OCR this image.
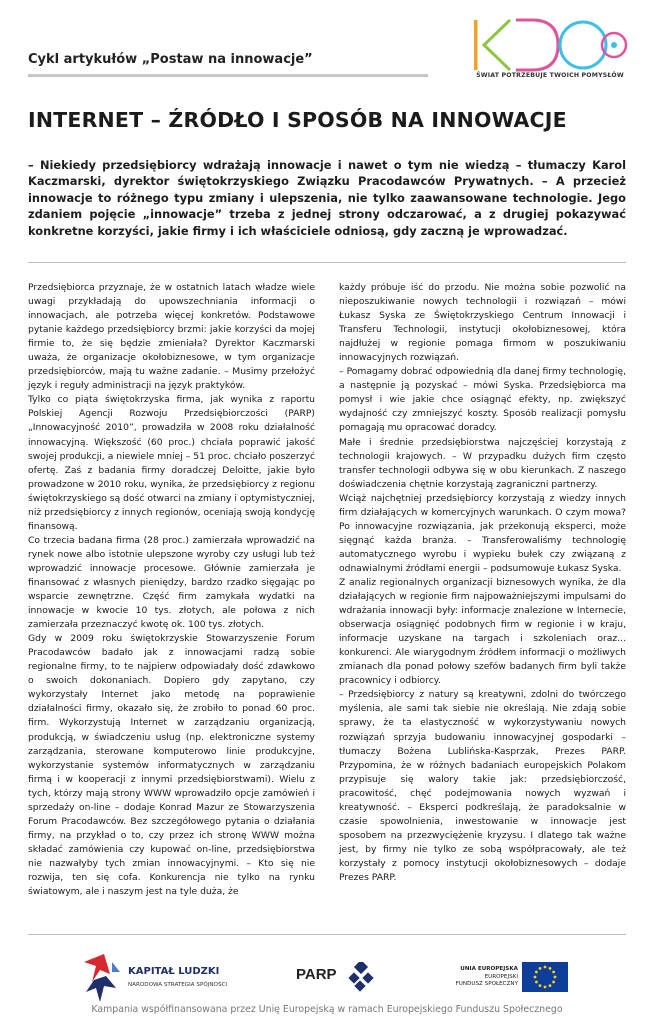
Cykl artykułów „Postaw na innowacje”
ŚWIAT POTRZEBUJE TWOICH POMYSŁÓW
INTERNET – ŹRÓDŁO I SPOSÓB NA INNOWACJE
– Niekiedy przedsiębiorcy wdrażają innowacje i nawet o tym nie wiedzą – tłumaczy Karol Kaczmarski, dyrektor świętokrzyskiego Związku Pracodawców Prywatnych. – A przecież innowacje to różnego typu zmiany i ulepszenia, nie tylko zaawansowane technologie. Jego zdaniem pojęcie „innowacje” trzeba z jednej strony odczarować, a z drugiej pokazywać konkretne korzyści, jakie firmy i ich właściciele odniosą, gdy zaczną je wprowadzać.

Przedsiębiorca przyznaje, że w ostatnich latach władze wiele uwagi przykładają do upowszechniania informacji o innowacjach, ale potrzeba więcej konkretów. Podstawowe pytanie każdego przedsiębiorcy brzmi: jakie korzyści da mojej firmie to, że się będzie zmieniała? Dyrektor Kaczmarski uważa, że organizacje okołobiznesowe, w tym organizacje przedsiębiorców, mają tu ważne zadanie. – Musimy przełożyć język i reguły administracji na język praktyków.

Tylko co piąta świętokrzyska firma, jak wynika z raportu Polskiej Agencji Rozwoju Przedsiębiorczości (PARP) „Innowacyjność 2010”, prowadziła w 2008 roku działalność innowacyjną. Większość (60 proc.) chciała poprawić jakość swojej produkcji, a niewiele mniej – 51 proc. chciało poszerzyć ofertę. Zaś z badania firmy doradczej Deloitte, jakie było prowadzone w 2010 roku, wynika, że przedsiębiorcy z regionu świętokrzyskiego są dość otwarci na zmiany i optymistyczniej, niż przedsiębiorcy z innych regionów, oceniają swoją kondycję finansową.

Co trzecia badana firma (28 proc.) zamierzała wprowadzić na rynek nowe albo istotnie ulepszone wyroby czy usługi lub też wprowadzić innowacje procesowe. Głównie zamierzała je finansować z własnych pieniędzy, bardzo rzadko sięgając po wsparcie zewnętrzne. Część firm zamykała wydatki na innowacje w kwocie 10 tys. złotych, ale połowa z nich zamierzała przeznaczyć kwotę ok. 100 tys. złotych.

Gdy w 2009 roku świętokrzyskie Stowarzyszenie Forum Pracodawców badało jak z innowacjami radzą sobie regionalne firmy, to te najpierw odpowiadały dość zdawkowo o swoich dokonaniach. Dopiero gdy zapytano, czy wykorzystały Internet jako metodę na poprawienie działalności firmy, okazało się, że zrobiło to ponad 60 proc. firm. Wykorzystują Internet w zarządzaniu organizacją, produkcją, w świadczeniu usług (np. elektroniczne systemy zarządzania, sterowane komputerowo linie produkcyjne, wykorzystanie systemów informatycznych w zarządzaniu firmą i w kooperacji z innymi przedsiębiorstwami). Wielu z tych, którzy mają strony WWW wprowadziło opcje zamówień i sprzedaży on-line – dodaje Konrad Mazur ze Stowarzyszenia Forum Pracodawców. Bez szczegółowego pytania o działania firmy, na przykład o to, czy przez ich stronę WWW można składać zamówienia czy kupować on-line, przedsiębiorstwa nie nazwałyby tych zmian innowacyjnymi. – Kto się nie rozwija, ten się cofa. Konkurencja nie tylko na rynku światowym, ale i naszym jest na tyle duża, że

każdy próbuje iść do przodu. Nie można sobie pozwolić na nieposzukiwanie nowych technologii i rozwiązań – mówi Łukasz Syska ze Świętokrzyskiego Centrum Innowacji i Transferu Technologii, instytucji okołobiznesowej, która najdłużej w regionie pomaga firmom w poszukiwaniu innowacyjnych rozwiązań.

– Pomagamy dobrać odpowiednią dla danej firmy technologię, a następnie ją pozyskać – mówi Syska. Przedsiębiorca ma pomysł i wie jakie chce osiągnąć efekty, np. zwiększyć wydajność czy zmniejszyć koszty. Sposób realizacji pomysłu pomagają mu opracować doradcy.

Małe i średnie przedsiębiorstwa najczęściej korzystają z technologii krajowych. – W przypadku dużych firm często transfer technologii odbywa się w obu kierunkach. Z naszego doświadczenia chętnie korzystają zagraniczni partnerzy.

Wciąż najchętniej przedsiębiorcy korzystają z wiedzy innych firm działających w komercyjnych warunkach. O czym mowa? Po innowacyjne rozwiązania, jak przekonują eksperci, może sięgnąć każda branża. – Transferowaliśmy technologię automatycznego wyrobu i wypieku bułek czy związaną z odnawialnymi źródłami energii – podsumowuje Łukasz Syska.

Z analiz regionalnych organizacji biznesowych wynika, że dla działających w regionie firm najpoważniejszymi impulsami do wdrażania innowacji były: informacje znalezione w Internecie, obserwacja osiągnięć podobnych firm w regionie i w kraju, informacje uzyskane na targach i szkoleniach oraz... konkurenci. Ale wiarygodnym źródłem informacji o możliwych zmianach dla ponad połowy szefów badanych firm byli także pracownicy i odbiorcy.

– Przedsiębiorcy z natury są kreatywni, zdolni do twórczego myślenia, ale sami tak siebie nie określają. Nie zdają sobie sprawy, że ta elastyczność w wykorzystywaniu nowych rozwiązań sprzyja budowaniu innowacyjnej gospodarki – tłumaczy Bożena Lublińska-Kasprzak, Prezes PARP. Przypomina, że w różnych badaniach europejskich Polakom przypisuje się walory takie jak: przedsiębiorczość, pracowitość, chęć podejmowania nowych wyzwań i kreatywność. – Eksperci podkreślają, że paradoksalnie w czasie spowolnienia, inwestowanie w innowacje jest sposobem na przezwyciężenie kryzysu. I dlatego tak ważne jest, by firmy nie tylko ze sobą współpracowały, ale też korzystały z pomocy instytucji okołobiznesowych – dodaje Prezes PARP.

KAPITAŁ LUDZKI
NARODOWA STRATEGIA SPÓJNOŚCI
PARP	UNIA EUROPEJSKA
EUROPEJSKI
FUNDUSZ SPOŁECZNY
Kampania współfinansowana przez Unię Europejską w ramach Europejskiego Funduszu Społecznego
